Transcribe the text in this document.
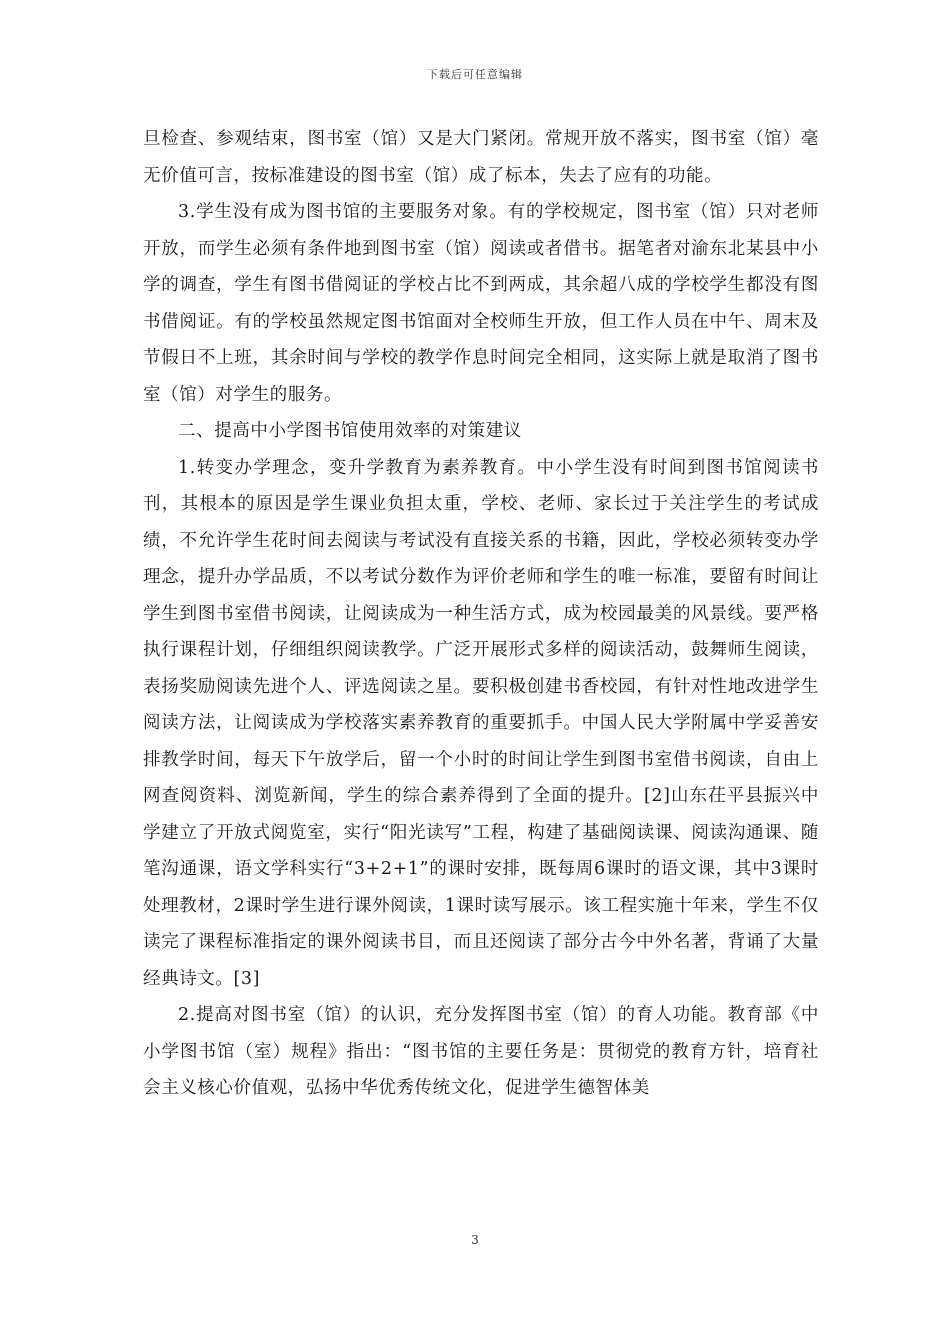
下载后可任意编辑

旦检查、参观结束，图书室（馆）又是大门紧闭。常规开放不落实，图书室（馆）毫无价值可言，按标准建设的图书室（馆）成了标本，失去了应有的功能。

3.学生没有成为图书馆的主要服务对象。有的学校规定，图书室（馆）只对老师开放，而学生必须有条件地到图书室（馆）阅读或者借书。据笔者对渝东北某县中小学的调查，学生有图书借阅证的学校占比不到两成，其余超八成的学校学生都没有图书借阅证。有的学校虽然规定图书馆面对全校师生开放，但工作人员在中午、周末及节假日不上班，其余时间与学校的教学作息时间完全相同，这实际上就是取消了图书室（馆）对学生的服务。

二、提高中小学图书馆使用效率的对策建议

1.转变办学理念，变升学教育为素养教育。中小学生没有时间到图书馆阅读书刊，其根本的原因是学生课业负担太重，学校、老师、家长过于关注学生的考试成绩，不允许学生花时间去阅读与考试没有直接关系的书籍，因此，学校必须转变办学理念，提升办学品质，不以考试分数作为评价老师和学生的唯一标准，要留有时间让学生到图书室借书阅读，让阅读成为一种生活方式，成为校园最美的风景线。要严格执行课程计划，仔细组织阅读教学。广泛开展形式多样的阅读活动，鼓舞师生阅读，表扬奖励阅读先进个人、评选阅读之星。要积极创建书香校园，有针对性地改进学生阅读方法，让阅读成为学校落实素养教育的重要抓手。中国人民大学附属中学妥善安排教学时间，每天下午放学后，留一个小时的时间让学生到图书室借书阅读，自由上网查阅资料、浏览新闻，学生的综合素养得到了全面的提升。[2]山东茌平县振兴中学建立了开放式阅览室，实行“阳光读写”工程，构建了基础阅读课、阅读沟通课、随笔沟通课，语文学科实行“3+2+1”的课时安排，既每周6课时的语文课，其中3课时处理教材，2课时学生进行课外阅读，1课时读写展示。该工程实施十年来，学生不仅读完了课程标准指定的课外阅读书目，而且还阅读了部分古今中外名著，背诵了大量经典诗文。[3]

2.提高对图书室（馆）的认识，充分发挥图书室（馆）的育人功能。教育部《中小学图书馆（室）规程》指出：“图书馆的主要任务是：贯彻党的教育方针，培育社会主义核心价值观，弘扬中华优秀传统文化，促进学生德智体美

3
